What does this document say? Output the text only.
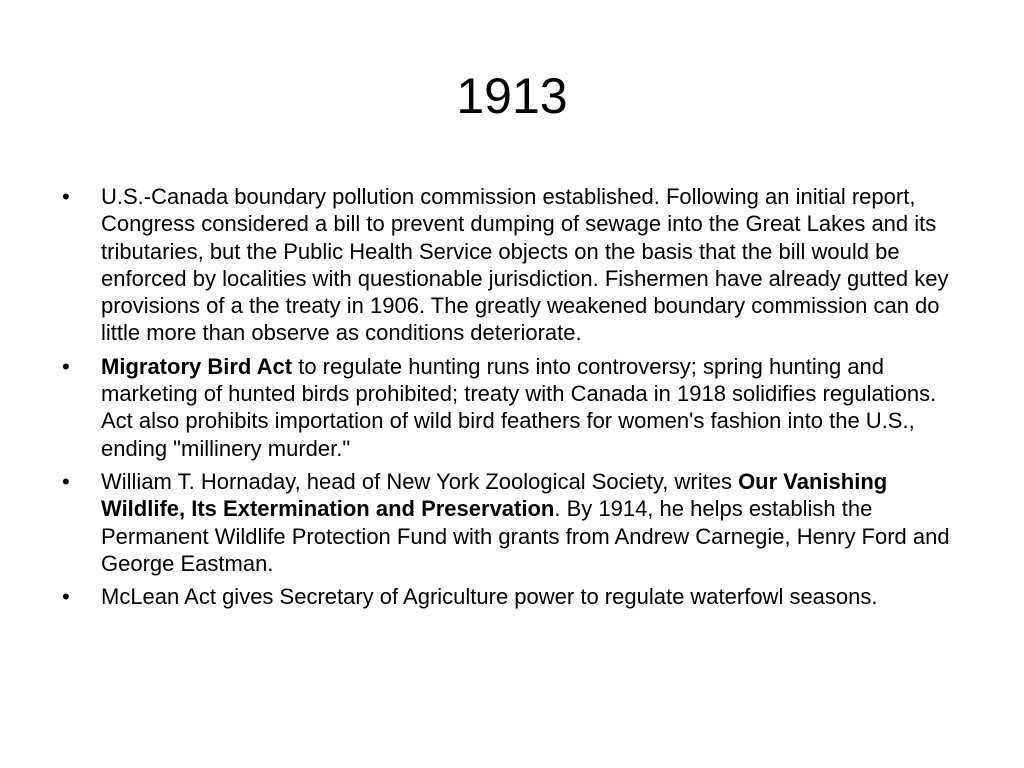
1913
•	U.S.-Canada boundary pollution commission established. Following an initial report, Congress considered a bill to prevent dumping of sewage into the Great Lakes and its tributaries, but the Public Health Service objects on the basis that the bill would be enforced by localities with questionable jurisdiction. Fishermen have already gutted key provisions of a the treaty in 1906. The greatly weakened boundary commission can do little more than observe as conditions deteriorate.
•	Migratory Bird Act to regulate hunting runs into controversy; spring hunting and marketing of hunted birds prohibited; treaty with Canada in 1918 solidifies regulations. Act also prohibits importation of wild bird feathers for women's fashion into the U.S., ending "millinery murder."
•	William T. Hornaday, head of New York Zoological Society, writes Our Vanishing Wildlife, Its Extermination and Preservation. By 1914, he helps establish the Permanent Wildlife Protection Fund with grants from Andrew Carnegie, Henry Ford and George Eastman.
•	McLean Act gives Secretary of Agriculture power to regulate waterfowl seasons.
